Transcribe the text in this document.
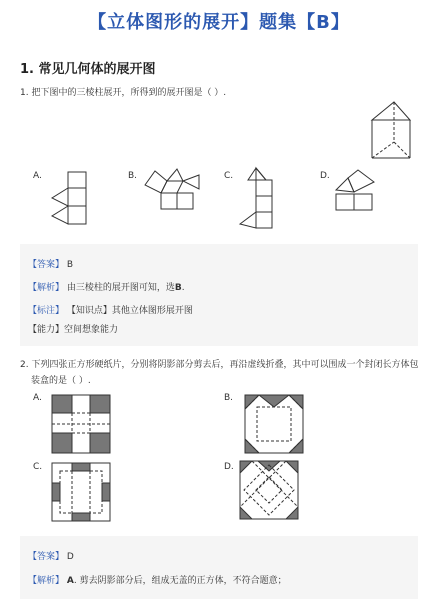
【立体图形的展开】题集【B】
1. 常见几何体的展开图
1. 把下图中的三棱柱展开，所得到的展开图是（ ）.
A.	B.	C.	D.
【答案】 B
【解析】 由三棱柱的展开图可知，选B.
【标注】 【知识点】其他立体图形展开图
【能力】空间想象能力
2. 下列四张正方形硬纸片，分别将阴影部分剪去后，再沿虚线折叠，其中可以围成一个封闭长方体包
装盒的是（ ）.
A.	B.
C.	D.
【答案】 D
【解析】 A. 剪去阴影部分后，组成无盖的正方体，不符合题意；
